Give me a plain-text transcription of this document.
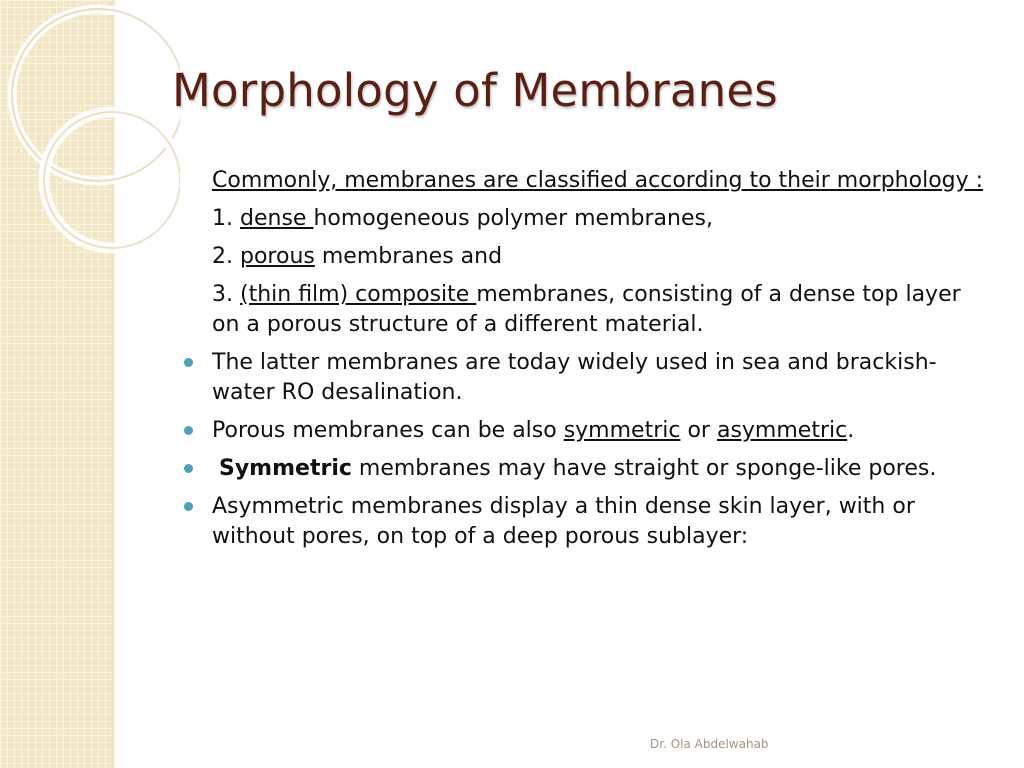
Morphology of Membranes
Commonly, membranes are classified according to their morphology :
1. dense homogeneous polymer membranes,
2. porous membranes and
3. (thin film) composite membranes, consisting of a dense top layer on a porous structure of a different material.
The latter membranes are today widely used in sea and brackish-water RO desalination.
Porous membranes can be also symmetric or asymmetric.
Symmetric membranes may have straight or sponge-like pores.
Asymmetric membranes display a thin dense skin layer, with or without pores, on top of a deep porous sublayer:
Dr. Ola Abdelwahab
